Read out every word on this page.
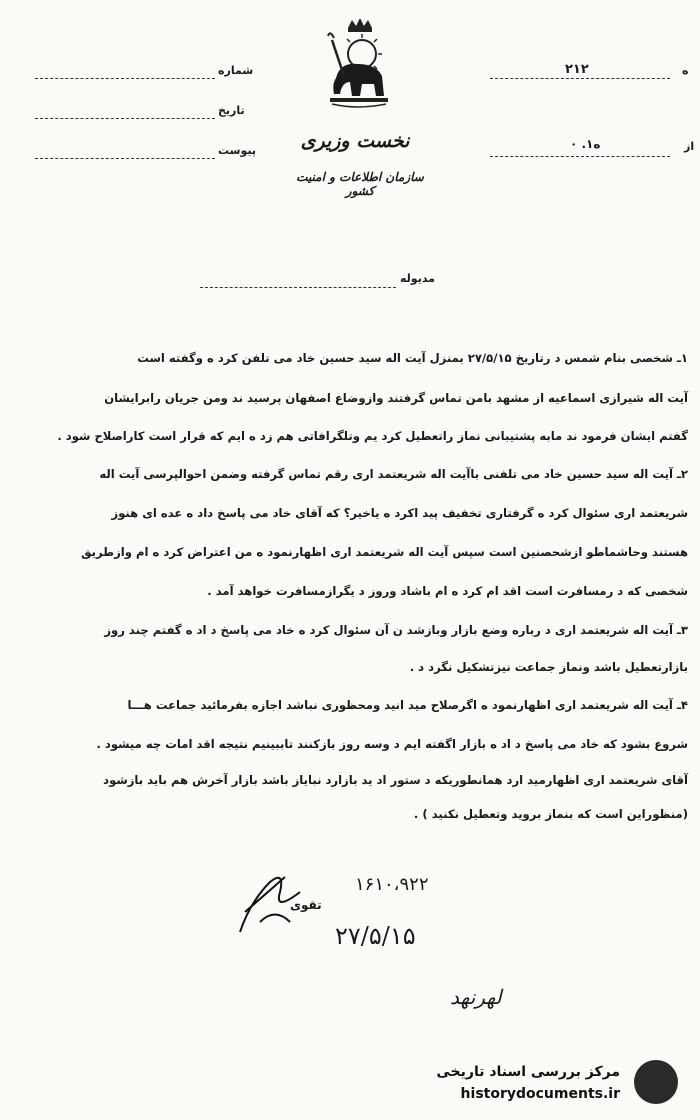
شماره
تاریخ
پیوست
۲۱۲	ه
۰ .۱ه	از
نخست وزیری
سازمان اطلاعات و امنیت کشور
مدیوله
۱ـ شخصی بنام شمس د رتاریخ ۲۷/۵/۱۵ بمنزل آیت اله سید حسین خاد می تلفن کرد ه وگفته است
آیت اله شیرازی اسماعیه از مشهد بامن تماس گرفتند وازوضاع اصفهان پرسید ند ومن جریان رابرایشان
گفتم ایشان فرمود ند مابه پشتیبانی نماز راتعطیل کرد یم وتلگرافاتی هم زد ه ایم که قرار است کاراصلاح شود .
۲ـ آیت اله سید حسین خاد می تلفنی باآیت اله شریعتمد اری رقم تماس گرفته وضمن احوالپرسی آیت اله
شریعتمد اری سئوال کرد ه گرفتاری تخفیف پید اکرد ه یاخیر؟ که آقای خاد می پاسخ داد ه عده ای هنوز
هستند وحاشماطو ازشحصنین است سپس آیت اله شریعتمد اری اظهارنمود ه من اعتراض کرد ه ام وازطریق
شخصی که د رمسافرت است اقد ام کرد ه ام باشاد وروز د یگرازمسافرت خواهد آمد .
۳ـ آیت اله شریعتمد اری د رباره وضع بازار وبازشد ن آن سئوال کرد ه خاد می پاسخ د اد ه گفتم چند روز
بازارتعطیل باشد ونماز جماعت نیزتشکیل نگرد د .
۴ـ آیت اله شریعتمد اری اظهارنمود ه اگرصلاح مید انید ومحظوری نباشد اجازه بفرمائید جماعت هـــا
شروع بشود که خاد می پاسخ د اد ه بازار اگفته ایم د وسه روز بازکنند تاببینیم نتیجه اقد امات چه میشود .
آقای شریعتمد اری اظهارمید ارد همانطوریکه د ستور اد ید بازارد نبایاز باشد بازار آخرش هم باید بازشود
(منظوراین است که بنماز بروید وتعطیل نکنید ) .
تقوی
۱۶۱۰،۹۲۲
۲۷/۵/۱۵
لهرنهد
مرکز بررسی اسناد تاریخی
historydocuments.ir
